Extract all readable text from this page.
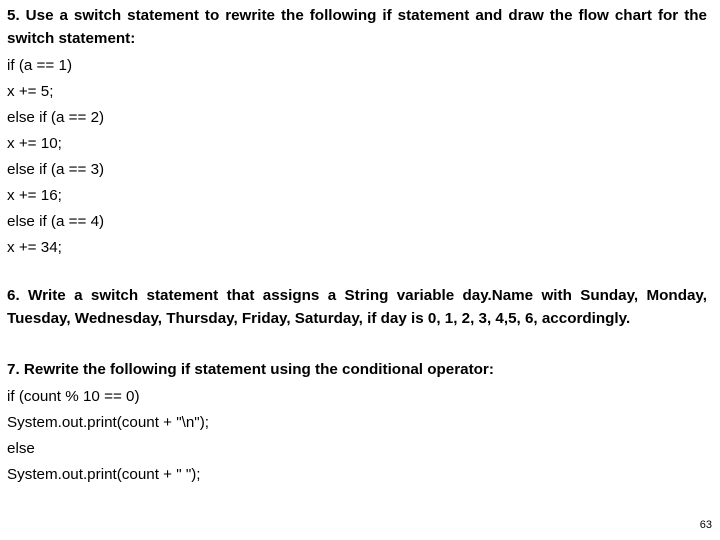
5. Use a switch statement to rewrite the following if statement and draw the flow chart for the switch statement:

if (a == 1)
x += 5;
else if (a == 2)
x += 10;
else if (a == 3)
x += 16;
else if (a == 4)
x += 34;

6. Write a switch statement that assigns a String variable day.Name with Sunday, Monday, Tuesday, Wednesday, Thursday, Friday, Saturday, if day is 0, 1, 2, 3, 4,5, 6, accordingly.

7. Rewrite the following if statement using the conditional operator:

if (count % 10 == 0)
System.out.print(count + "\n");
else
System.out.print(count + " ");
63
